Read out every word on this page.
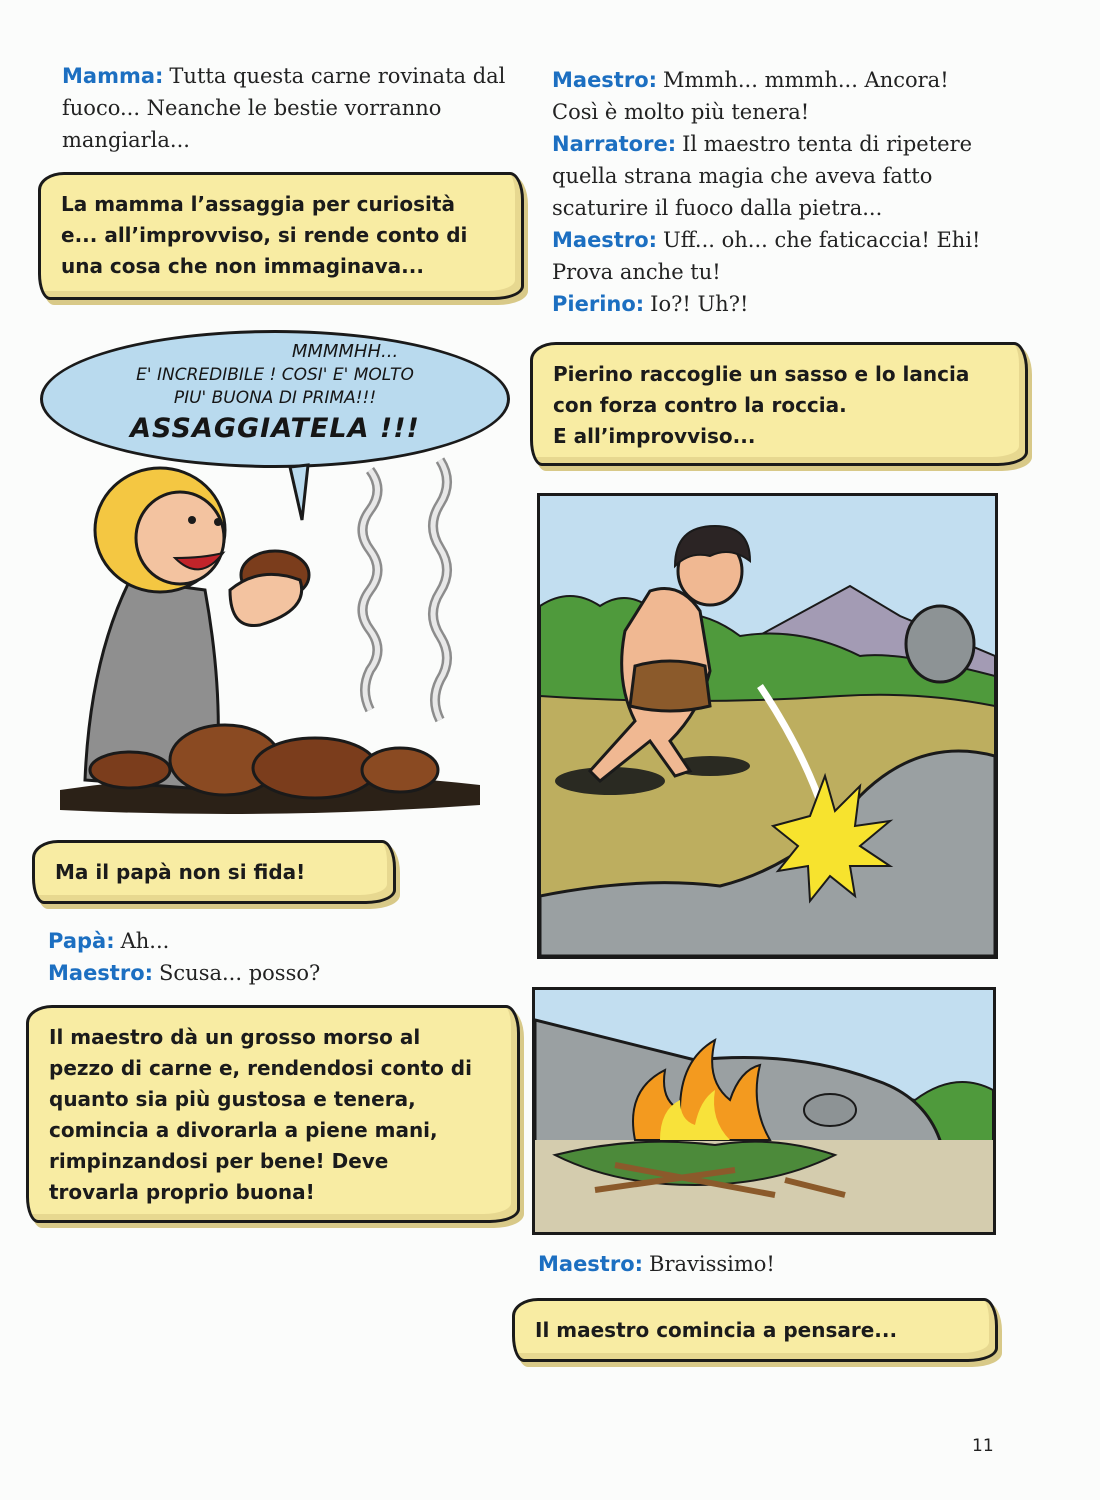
Mamma: Tutta questa carne rovinata dal fuoco... Neanche le bestie vorranno mangiarla...

La mamma l’assaggia per curiosità
e... all’improvviso, si rende conto di
una cosa che non immaginava...
MMMMHH...
E' INCREDIBILE ! COSI' E' MOLTO
PIU' BUONA DI PRIMA!!!
ASSAGGIATELA !!!
Ma il papà non si fida!

Papà: Ah...

Maestro: Scusa... posso?

Il maestro dà un grosso morso al
pezzo di carne e, rendendosi conto di
quanto sia più gustosa e tenera,
comincia a divorarla a piene mani,
rimpinzandosi per bene! Deve
trovarla proprio buona!

Maestro: Mmmh... mmmh... Ancora! Così è molto più tenera!

Narratore: Il maestro tenta di ripetere quella strana magia che aveva fatto scaturire il fuoco dalla pietra...

Maestro: Uff... oh... che faticaccia! Ehi! Prova anche tu!

Pierino: Io?! Uh?!

Pierino raccoglie un sasso e lo lancia
con forza contro la roccia.
E all’improvviso...

Maestro: Bravissimo!

Il maestro comincia a pensare...
11
